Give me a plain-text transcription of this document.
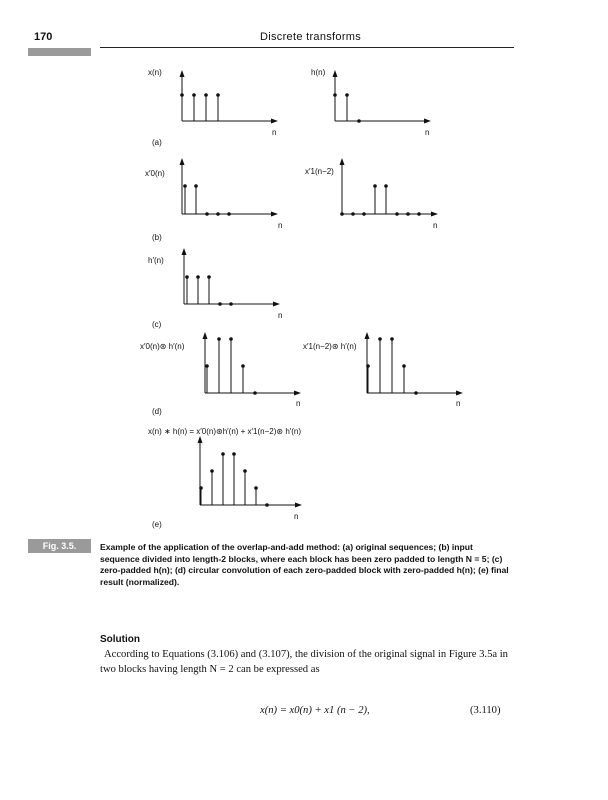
170	Discrete transforms
x(n)	h(n)
x′0(n)	x′1(n−2)
h′(n)
x′0(n)⊛ h′(n)	x′1(n−2)⊛ h′(n)
x(n) ∗ h(n) = x′0(n)⊛h′(n) + x′1(n−2)⊛ h′(n)
n	n
n	n
n
n	n
n
(a)
(b)
(c)
(d)
(e)
Fig. 3.5.	Example of the application of the overlap-and-add method: (a) original sequences; (b) input sequence divided into length-2 blocks, where each block has been zero padded to length N = 5; (c) zero-padded h(n); (d) circular convolution of each zero-padded block with zero-padded h(n); (e) final result (normalized).
Solution
According to Equations (3.106) and (3.107), the division of the original signal in Figure 3.5a in two blocks having length N = 2 can be expressed as
x(n) = x0(n) + x1 (n − 2),	(3.110)
